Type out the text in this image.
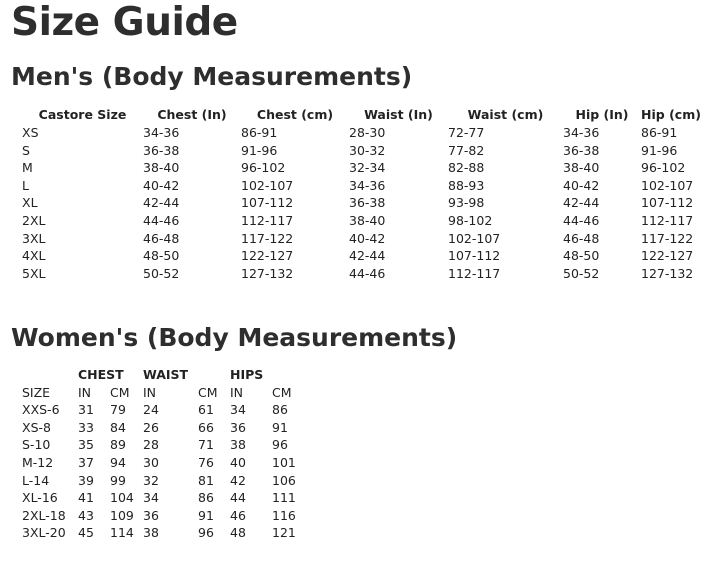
Size Guide
Men's (Body Measurements)
Castore Size	Chest (In)	Chest (cm)	Waist (In)	Waist (cm)	Hip (In)	Hip (cm)
XS	34-36	86-91	28-30	72-77	34-36	86-91
S	36-38	91-96	30-32	77-82	36-38	91-96
M	38-40	96-102	32-34	82-88	38-40	96-102
L	40-42	102-107	34-36	88-93	40-42	102-107
XL	42-44	107-112	36-38	93-98	42-44	107-112
2XL	44-46	112-117	38-40	98-102	44-46	112-117
3XL	46-48	117-122	40-42	102-107	46-48	117-122
4XL	48-50	122-127	42-44	107-112	48-50	122-127
5XL	50-52	127-132	44-46	112-117	50-52	127-132
Women's (Body Measurements)
	CHEST		WAIST		HIPS	
SIZE	IN	CM	IN	CM	IN	CM
XXS-6	31	79	24	61	34	86
XS-8	33	84	26	66	36	91
S-10	35	89	28	71	38	96
M-12	37	94	30	76	40	101
L-14	39	99	32	81	42	106
XL-16	41	104	34	86	44	111
2XL-18	43	109	36	91	46	116
3XL-20	45	114	38	96	48	121
